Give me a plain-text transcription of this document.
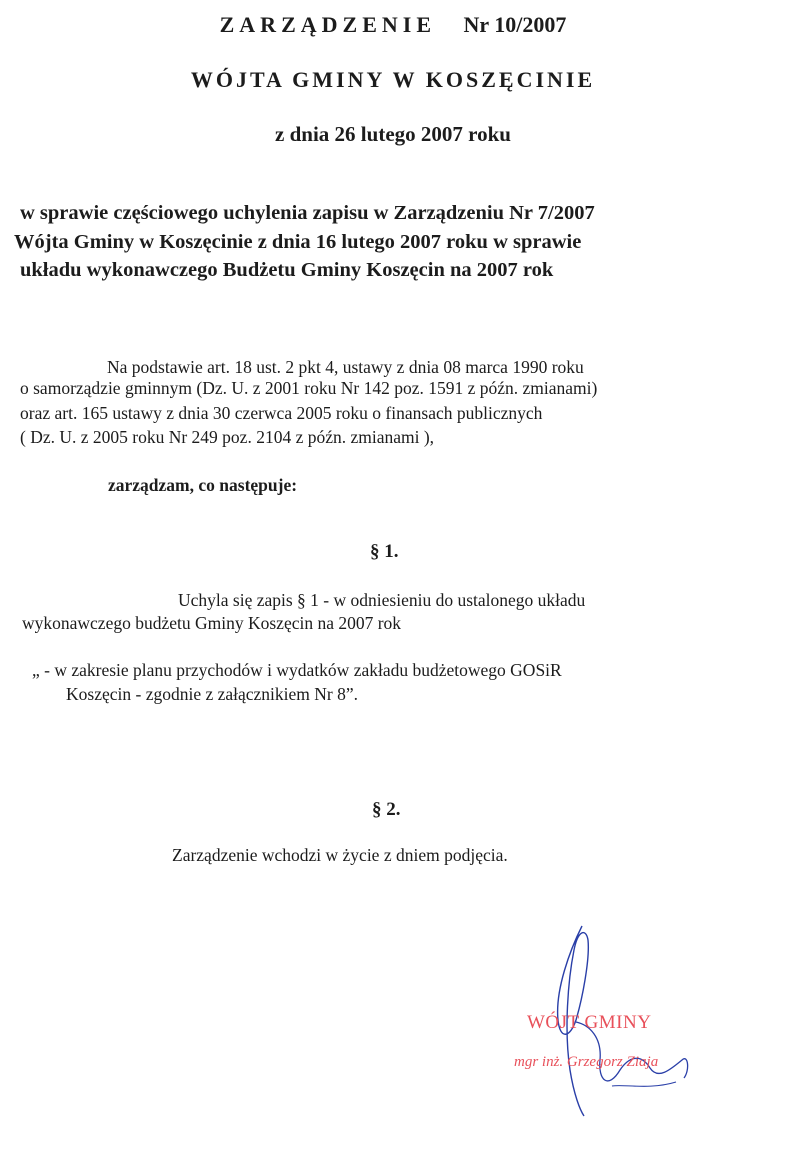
ZARZĄDZENIE Nr 10/2007
WÓJTA GMINY W KOSZĘCINIE
z dnia 26 lutego 2007 roku
w sprawie częściowego uchylenia zapisu w Zarządzeniu Nr 7/2007
Wójta Gminy w Koszęcinie z dnia 16 lutego 2007 roku w sprawie
układu wykonawczego Budżetu Gminy Koszęcin na 2007 rok
Na podstawie art. 18 ust. 2 pkt 4, ustawy z dnia 08 marca 1990 roku
o samorządzie gminnym (Dz. U. z 2001 roku Nr 142 poz. 1591 z późn. zmianami)
oraz art. 165 ustawy z dnia 30 czerwca 2005 roku o finansach publicznych
( Dz. U. z 2005 roku Nr 249 poz. 2104 z późn. zmianami ),
zarządzam, co następuje:
§ 1.
Uchyla się zapis § 1 - w odniesieniu do ustalonego układu
wykonawczego budżetu Gminy Koszęcin na 2007 rok
„ - w zakresie planu przychodów i wydatków zakładu budżetowego GOSiR
Koszęcin - zgodnie z załącznikiem Nr 8”.
§ 2.
Zarządzenie wchodzi w życie z dniem podjęcia.
WÓJT GMINY
mgr inż. Grzegorz Ziaja
